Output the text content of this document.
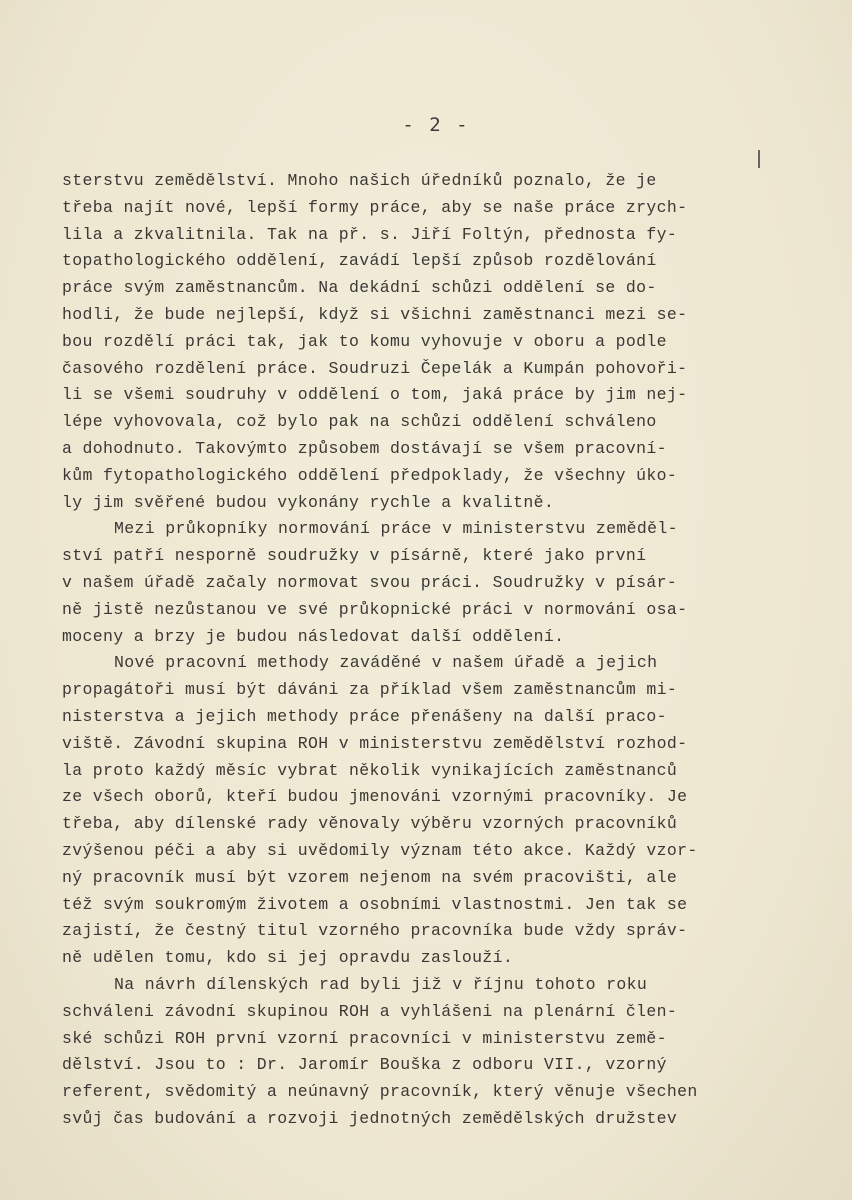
- 2 -
sterstvu zemědělství. Mnoho našich úředníků poznalo, že je
třeba najít nové, lepší formy práce, aby se naše práce zrych-
lila a zkvalitnila. Tak na př. s. Jiří Foltýn, přednosta fy-
topathologického oddělení, zavádí lepší způsob rozdělování
práce svým zaměstnancům. Na dekádní schůzi oddělení se do-
hodli, že bude nejlepší, když si všichni zaměstnanci mezi se-
bou rozdělí práci tak, jak to komu vyhovuje v oboru a podle
časového rozdělení práce. Soudruzi Čepelák a Kumpán pohovoři-
li se všemi soudruhy v oddělení o tom, jaká práce by jim nej-
lépe vyhovovala, což bylo pak na schůzi oddělení schváleno
a dohodnuto. Takovýmto způsobem dostávají se všem pracovní-
kům fytopathologického oddělení předpoklady, že všechny úko-
ly jim svěřené budou vykonány rychle a kvalitně.
Mezi průkopníky normování práce v ministerstvu zeměděl-
ství patří nesporně soudružky v písárně, které jako první
v našem úřadě začaly normovat svou práci. Soudružky v písár-
ně jistě nezůstanou ve své průkopnické práci v normování osa-
moceny a brzy je budou následovat další oddělení.
Nové pracovní methody zaváděné v našem úřadě a jejich
propagátoři musí být dáváni za příklad všem zaměstnancům mi-
nisterstva a jejich methody práce přenášeny na další praco-
viště. Závodní skupina ROH v ministerstvu zemědělství rozhod-
la proto každý měsíc vybrat několik vynikajících zaměstnanců
ze všech oborů, kteří budou jmenováni vzornými pracovníky. Je
třeba, aby dílenské rady věnovaly výběru vzorných pracovníků
zvýšenou péči a aby si uvědomily význam této akce. Každý vzor-
ný pracovník musí být vzorem nejenom na svém pracovišti, ale
též svým soukromým životem a osobními vlastnostmi. Jen tak se
zajistí, že čestný titul vzorného pracovníka bude vždy správ-
ně udělen tomu, kdo si jej opravdu zaslouží.
Na návrh dílenských rad byli již v říjnu tohoto roku
schváleni závodní skupinou ROH a vyhlášeni na plenární člen-
ské schůzi ROH první vzorní pracovníci v ministerstvu země-
dělství. Jsou to : Dr. Jaromír Bouška z odboru VII., vzorný
referent, svědomitý a neúnavný pracovník, který věnuje všechen
svůj čas budování a rozvoji jednotných zemědělských družstev
